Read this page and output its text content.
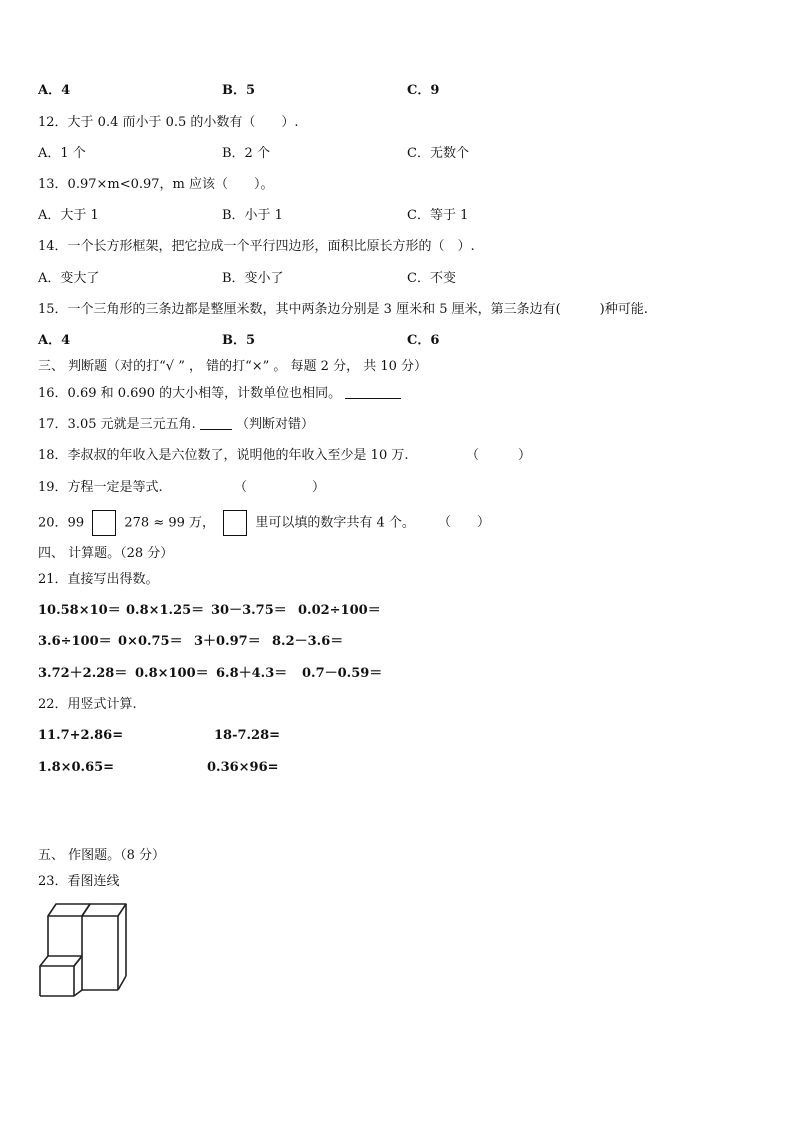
A．4	B．5	C．9
12．大于 0.4 而小于 0.5 的小数有（　　）.
A．1 个	B．2 个	C．无数个
13．0.97×m<0.97，m 应该（　　）。
A．大于 1	B．小于 1	C．等于 1
14．一个长方形框架，把它拉成一个平行四边形，面积比原长方形的（　）.
A．变大了	B．变小了	C．不变
15．一个三角形的三条边都是整厘米数，其中两条边分别是 3 厘米和 5 厘米，第三条边有(　　　)种可能.
A．4	B．5	C．6
三、 判断题（对的打“√ ” ， 错的打“×” 。 每题 2 分， 共 10 分）
16．0.69 和 0.690 的大小相等，计数单位也相同。
17．3.05 元就是三元五角.	（判断对错）
18．李叔叔的年收入是六位数了，说明他的年收入至少是 10 万.	（　　　）
19．方程一定是等式.	（　　　　　）
20．99	278 ≈ 99 万，	里可以填的数字共有 4 个。 （　　）
四、 计算题。（28 分）
21．直接写出得数。
10.58×10＝ 0.8×1.25＝ 30－3.75＝ 0.02÷100＝
3.6÷100＝ 0×0.75＝ 3＋0.97＝ 8.2－3.6＝
3.72＋2.28＝ 0.8×100＝ 6.8＋4.3＝ 0.7－0.59＝
22．用竖式计算.
11.7+2.86=	18-7.28=
1.8×0.65=	0.36×96=
五、 作图题。（8 分）
23．看图连线
